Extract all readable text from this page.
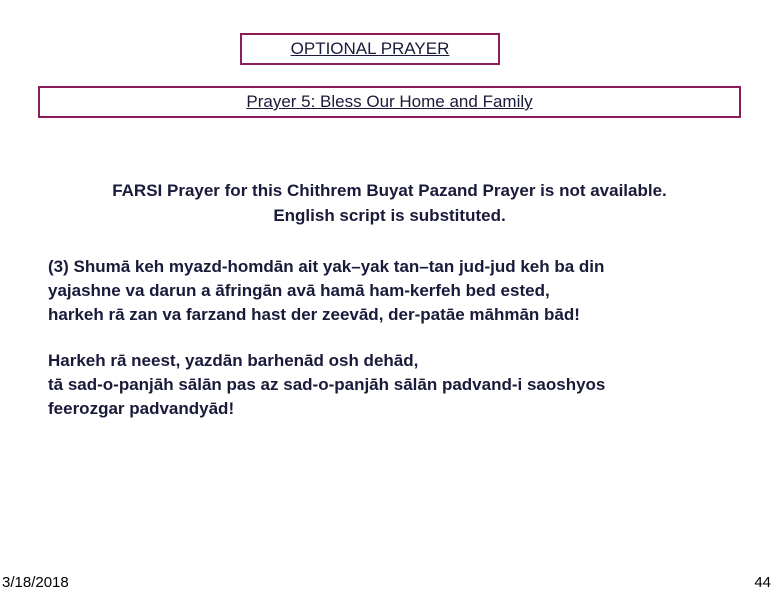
OPTIONAL PRAYER
Prayer 5: Bless Our Home and Family
FARSI Prayer for this Chithrem Buyat Pazand Prayer is not available.
English script is substituted.
(3) Shumā keh myazd-homdān ait yak–yak tan–tan jud-jud keh ba din
yajashne va darun a āfringān avā hamā ham-kerfeh bed ested,
harkeh rā zan va farzand hast der zeevād, der-patāe māhmān bād!
Harkeh rā neest, yazdān barhenād osh dehād,
tā sad-o-panjāh sālān pas az sad-o-panjāh sālān padvand-i saoshyos
feerozgar padvandyād!
3/18/2018	44
